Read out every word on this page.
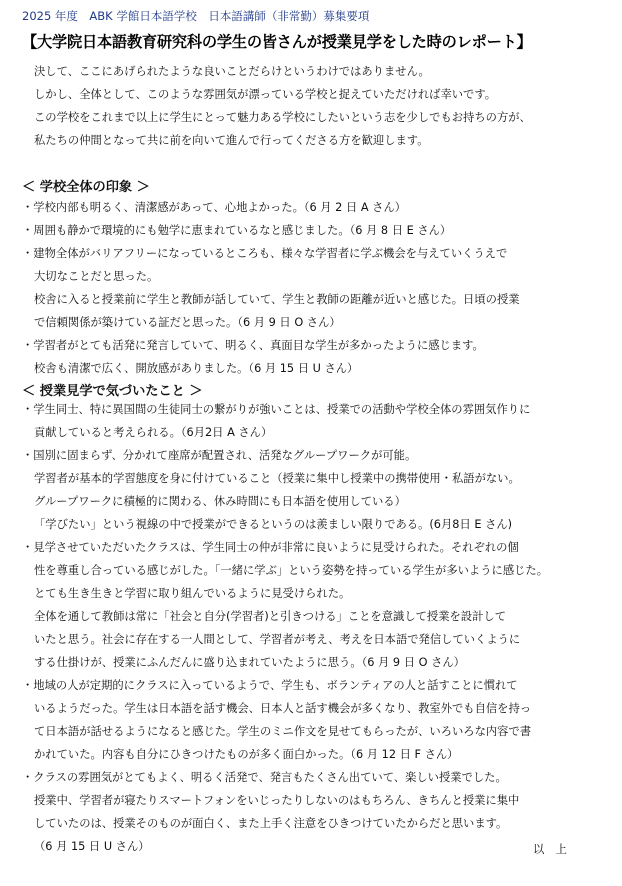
2025 年度　ABK 学館日本語学校　日本語講師（非常勤）募集要項
【大学院日本語教育研究科の学生の皆さんが授業見学をした時のレポート】
決して、ここにあげられたような良いことだらけというわけではありません。
しかし、全体として、このような雰囲気が漂っている学校と捉えていただければ幸いです。
この学校をこれまで以上に学生にとって魅力ある学校にしたいという志を少しでもお持ちの方が、
私たちの仲間となって共に前を向いて進んで行ってくださる方を歓迎します。
＜ 学校全体の印象 ＞
・学校内部も明るく、清潔感があって、心地よかった。（6 月 2 日 A さん）
・周囲も静かで環境的にも勉学に恵まれているなと感じました。（6 月 8 日 E さん）
・建物全体がバリアフリーになっているところも、様々な学習者に学ぶ機会を与えていくうえで
大切なことだと思った。
校舎に入ると授業前に学生と教師が話していて、学生と教師の距離が近いと感じた。日頃の授業
で信頼関係が築けている証だと思った。（6 月 9 日 O さん）
・学習者がとても活発に発言していて、明るく、真面目な学生が多かったように感じます。
校舎も清潔で広く、開放感がありました。（6 月 15 日 U さん）
＜ 授業見学で気づいたこと ＞
・学生同士、特に異国間の生徒同士の繋がりが強いことは、授業での活動や学校全体の雰囲気作りに
貢献していると考えられる。（6月2日 A さん）
・国別に固まらず、分かれて座席が配置され、活発なグループワークが可能。
学習者が基本的学習態度を身に付けていること（授業に集中し授業中の携帯使用・私語がない。
グループワークに積極的に関わる、休み時間にも日本語を使用している）
「学びたい」という視線の中で授業ができるというのは羨ましい限りである。(6月8日 E さん)
・見学させていただいたクラスは、学生同士の仲が非常に良いように見受けられた。それぞれの個
性を尊重し合っている感じがした。「一緒に学ぶ」という姿勢を持っている学生が多いように感じた。
とても生き生きと学習に取り組んでいるように見受けられた。
全体を通して教師は常に「社会と自分(学習者)と引きつける」ことを意識して授業を設計して
いたと思う。社会に存在する一人間として、学習者が考え、考えを日本語で発信していくように
する仕掛けが、授業にふんだんに盛り込まれていたように思う。（6 月 9 日 O さん）
・地域の人が定期的にクラスに入っているようで、学生も、ボランティアの人と話すことに慣れて
いるようだった。学生は日本語を話す機会、日本人と話す機会が多くなり、教室外でも自信を持っ
て日本語が話せるようになると感じた。学生のミニ作文を見せてもらったが、いろいろな内容で書
かれていた。内容も自分にひきつけたものが多く面白かった。（6 月 12 日 F さん）
・クラスの雰囲気がとてもよく、明るく活発で、発言もたくさん出ていて、楽しい授業でした。
授業中、学習者が寝たりスマートフォンをいじったりしないのはもちろん、きちんと授業に集中
していたのは、授業そのものが面白く、また上手く注意をひきつけていたからだと思います。
（6 月 15 日 U さん）	以　上
